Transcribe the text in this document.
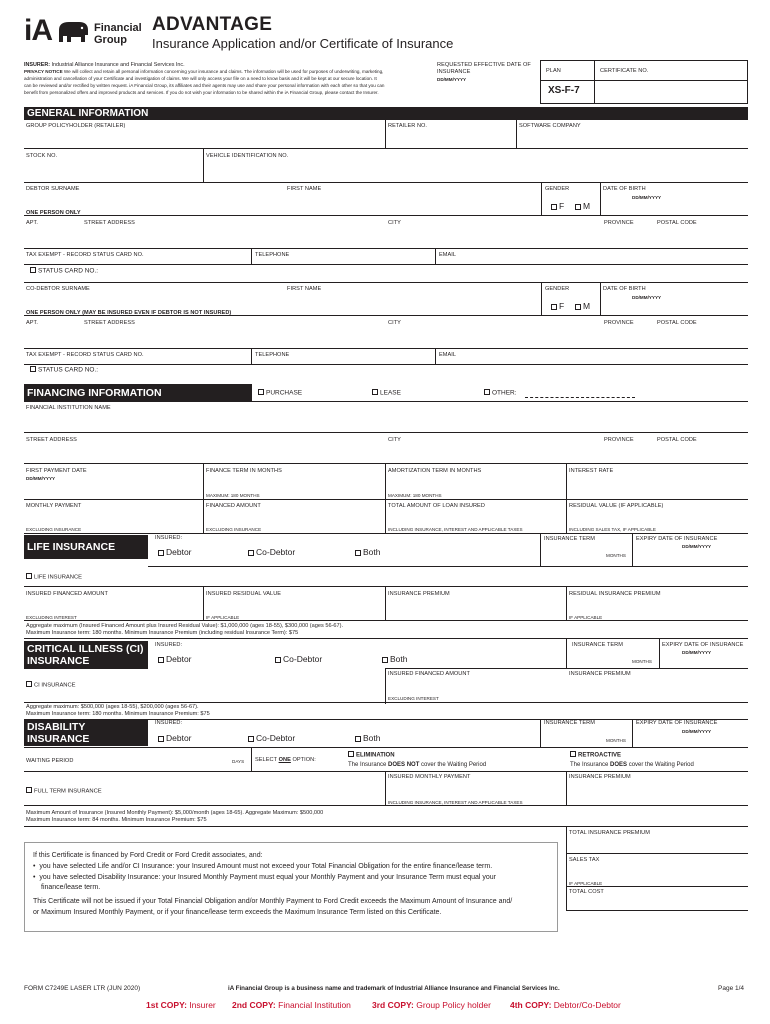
iA	Financial
Group
ADVANTAGE
Insurance Application and/or Certificate of Insurance
INSURER: Industrial Alliance Insurance and Financial Services Inc.
PRIVACY NOTICE We will collect and retain all personal information concerning your insurance and claims. The information will be used for purposes of underwriting, marketing,
administration and cancellation of your Certificate and investigation of claims. We will only access your file on a need to know basis and it will be kept at our secure location. It
can be reviewed and/or rectified by written request. iA Financial Group, its affiliates and their agents may use and share your personal information with each other so that you can
benefit from personalized offers and improved products and services. If you do not wish your information to be shared within the iA Financial Group, please contact the Insurer.
REQUESTED EFFECTIVE DATE OF INSURANCE
DD/MM/YYYY
PLAN	CERTIFICATE NO.
XS-F-7
GENERAL INFORMATION
GROUP POLICYHOLDER (RETAILER)	RETAILER NO.	SOFTWARE COMPANY
STOCK NO.	VEHICLE IDENTIFICATION NO.
DEBTOR SURNAME	FIRST NAME	GENDER	DATE OF BIRTH
DD/MM/YYYY
F	M
ONE PERSON ONLY
APT.	STREET ADDRESS	CITY	PROVINCE	POSTAL CODE
TAX EXEMPT - RECORD STATUS CARD NO.	TELEPHONE	EMAIL
STATUS CARD NO.:
CO-DEBTOR SURNAME	FIRST NAME	GENDER	DATE OF BIRTH
DD/MM/YYYY
F	M
ONE PERSON ONLY (MAY BE INSURED EVEN IF DEBTOR IS NOT INSURED)
APT.	STREET ADDRESS	CITY	PROVINCE	POSTAL CODE
TAX EXEMPT - RECORD STATUS CARD NO.	TELEPHONE	EMAIL
STATUS CARD NO.:
FINANCING INFORMATION	PURCHASE	LEASE	OTHER:
FINANCIAL INSTITUTION NAME
STREET ADDRESS	CITY	PROVINCE	POSTAL CODE
FIRST PAYMENT DATE
DD/MM/YYYY
FINANCE TERM IN MONTHS	AMORTIZATION TERM IN MONTHS	INTEREST RATE
MAXIMUM: 180 MONTHS	MAXIMUM: 180 MONTHS
MONTHLY PAYMENT	FINANCED AMOUNT	TOTAL AMOUNT OF LOAN INSURED	RESIDUAL VALUE (IF APPLICABLE)
EXCLUDING INSURANCE	EXCLUDING INSURANCE	INCLUDING INSURANCE, INTEREST AND APPLICABLE TAXES	INCLUDING SALES TAX, IF APPLICABLE
LIFE INSURANCE
INSURED:
Debtor	Co-Debtor	Both
INSURANCE TERM
MONTHS
EXPIRY DATE OF INSURANCE
DD/MM/YYYY
LIFE INSURANCE
INSURED FINANCED AMOUNT	INSURED RESIDUAL VALUE	INSURANCE PREMIUM	RESIDUAL INSURANCE PREMIUM
EXCLUDING INTEREST	IF APPLICABLE	IF APPLICABLE
Aggregate maximum (Insured Financed Amount plus Insured Residual Value): $1,000,000 (ages 18-55), $300,000 (ages 56-67).
Maximum Insurance term: 180 months. Minimum Insurance Premium (including residual Insurance Term): $75
CRITICAL ILLNESS (CI)
INSURANCE
INSURED:
Debtor	Co-Debtor	Both
INSURANCE TERM
MONTHS
EXPIRY DATE OF INSURANCE
DD/MM/YYYY
INSURED FINANCED AMOUNT	INSURANCE PREMIUM
CI INSURANCE
EXCLUDING INTEREST
Aggregate maximum: $500,000 (ages 18-55), $200,000 (ages 56-67).
Maximum Insurance term: 180 months. Minimum Insurance Premium: $75
DISABILITY
INSURANCE
INSURED:
Debtor	Co-Debtor	Both
INSURANCE TERM
MONTHS
EXPIRY DATE OF INSURANCE
DD/MM/YYYY
WAITING PERIOD	DAYS SELECT ONE OPTION:
ELIMINATION
The Insurance DOES NOT cover the Waiting Period
RETROACTIVE
The Insurance DOES cover the Waiting Period
INSURED MONTHLY PAYMENT	INSURANCE PREMIUM
FULL TERM INSURANCE
INCLUDING INSURANCE, INTEREST AND APPLICABLE TAXES
Maximum Amount of Insurance (Insured Monthly Payment): $5,000/month (ages 18-65). Aggregate Maximum: $500,000
Maximum Insurance term: 84 months. Minimum Insurance Premium: $75
TOTAL INSURANCE PREMIUM
SALES TAX
IF APPLICABLE
TOTAL COST
If this Certificate is financed by Ford Credit or Ford Credit associates, and:
•  you have selected Life and/or CI Insurance: your Insured Amount must not exceed your Total Financial Obligation for the entire finance/lease term.
•  you have selected Disability Insurance: your Insured Monthly Payment must equal your Monthly Payment and your Insurance Term must equal your
finance/lease term.
This Certificate will not be issued if your Total Financial Obligation and/or Monthly Payment to Ford Credit exceeds the Maximum Amount of Insurance and/
or Maximum Insured Monthly Payment, or if your finance/lease term exceeds the Maximum Insurance Term listed on this Certificate.
FORM C7249E LASER LTR (JUN 2020)	iA Financial Group is a business name and trademark of Industrial Alliance Insurance and Financial Services Inc.	Page 1/4
1st COPY: Insurer 2nd COPY: Financial Institution 3rd COPY: Group Policy holder 4th COPY: Debtor/Co-Debtor
